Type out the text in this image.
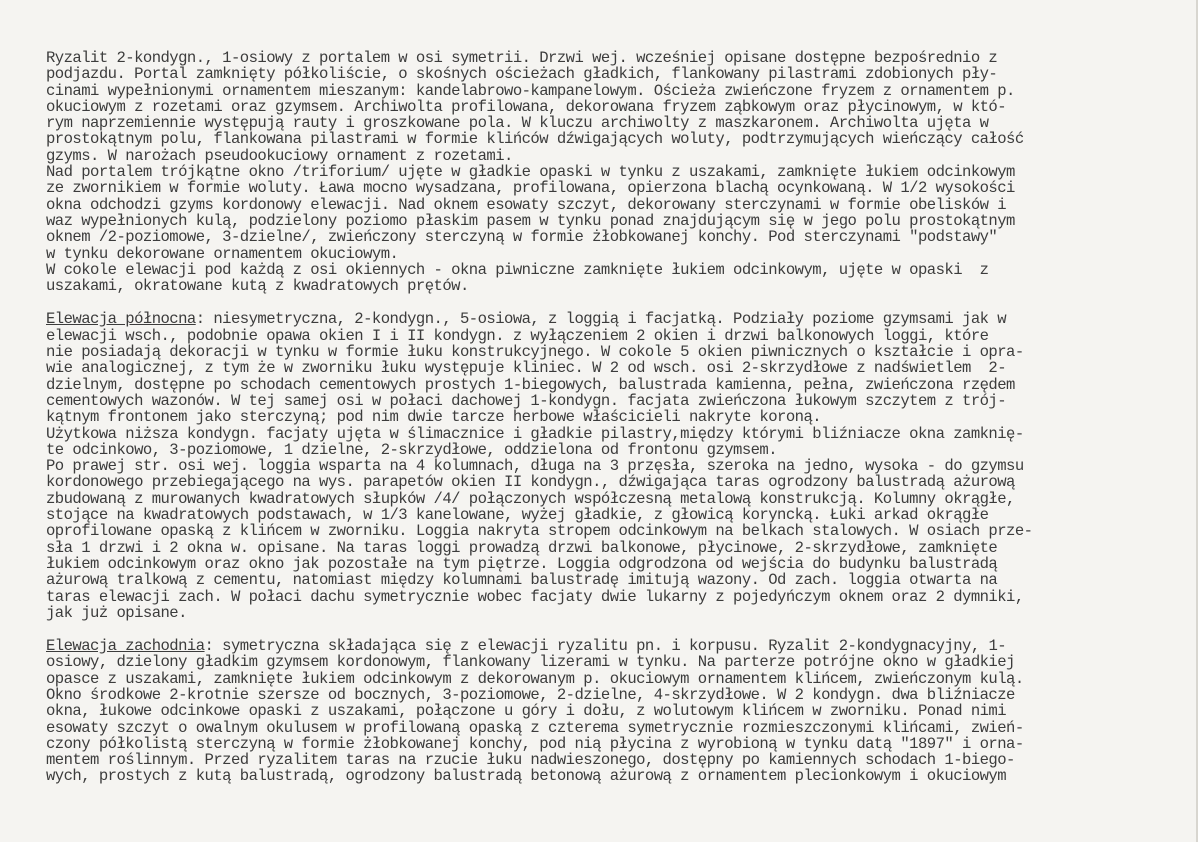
Ryzalit 2-kondygn., 1-osiowy z portalem w osi symetrii. Drzwi wej. wcześniej opisane dostępne bezpośrednio z
podjazdu. Portal zamknięty półkoliście, o skośnych ościeżach gładkich, flankowany pilastrami zdobionych pły-
cinami wypełnionymi ornamentem mieszanym: kandelabrowo-kampanelowym. Ościeża zwieńczone fryzem z ornamentem p.
okuciowym z rozetami oraz gzymsem. Archiwolta profilowana, dekorowana fryzem ząbkowym oraz płycinowym, w któ-
rym naprzemiennie występują rauty i groszkowane pola. W kluczu archiwolty z maszkaronem. Archiwolta ujęta w
prostokątnym polu, flankowana pilastrami w formie klińców dźwigających woluty, podtrzymujących wieńczący całość
gzyms. W narożach pseudookuciowy ornament z rozetami.
Nad portalem trójkątne okno /triforium/ ujęte w gładkie opaski w tynku z uszakami, zamknięte łukiem odcinkowym
ze zwornikiem w formie woluty. Ława mocno wysadzana, profilowana, opierzona blachą ocynkowaną. W 1/2 wysokości
okna odchodzi gzyms kordonowy elewacji. Nad oknem esowaty szczyt, dekorowany sterczynami w formie obelisków i
waz wypełnionych kulą, podzielony poziomo płaskim pasem w tynku ponad znajdującym się w jego polu prostokątnym
oknem /2-poziomowe, 3-dzielne/, zwieńczony sterczyną w formie żłobkowanej konchy. Pod sterczynami "podstawy"
w tynku dekorowane ornamentem okuciowym.
W cokole elewacji pod każdą z osi okiennych - okna piwniczne zamknięte łukiem odcinkowym, ujęte w opaski  z
uszakami, okratowane kutą z kwadratowych prętów.
Elewacja północna: niesymetryczna, 2-kondygn., 5-osiowa, z loggią i facjatką. Podziały poziome gzymsami jak w
elewacji wsch., podobnie opawa okien I i II kondygn. z wyłączeniem 2 okien i drzwi balkonowych loggi, które
nie posiadają dekoracji w tynku w formie łuku konstrukcyjnego. W cokole 5 okien piwnicznych o kształcie i opra-
wie analogicznej, z tym że w zworniku łuku występuje kliniec. W 2 od wsch. osi 2-skrzydłowe z nadświetlem  2-
dzielnym, dostępne po schodach cementowych prostych 1-biegowych, balustrada kamienna, pełna, zwieńczona rzędem
cementowych wazonów. W tej samej osi w połaci dachowej 1-kondygn. facjata zwieńczona łukowym szczytem z trój-
kątnym frontonem jako sterczyną; pod nim dwie tarcze herbowe właścicieli nakryte koroną.
Użytkowa niższa kondygn. facjaty ujęta w ślimacznice i gładkie pilastry,między którymi bliźniacze okna zamknię-
te odcinkowo, 3-poziomowe, 1 dzielne, 2-skrzydłowe, oddzielona od frontonu gzymsem.
Po prawej str. osi wej. loggia wsparta na 4 kolumnach, długa na 3 przęsła, szeroka na jedno, wysoka - do gzymsu
kordonowego przebiegającego na wys. parapetów okien II kondygn., dźwigająca taras ogrodzony balustradą ażurową
zbudowaną z murowanych kwadratowych słupków /4/ połączonych współczesną metalową konstrukcją. Kolumny okrągłe,
stojące na kwadratowych podstawach, w 1/3 kanelowane, wyżej gładkie, z głowicą koryncką. Łuki arkad okrągłe
oprofilowane opaską z klińcem w zworniku. Loggia nakryta stropem odcinkowym na belkach stalowych. W osiach prze-
sła 1 drzwi i 2 okna w. opisane. Na taras loggi prowadzą drzwi balkonowe, płycinowe, 2-skrzydłowe, zamknięte
łukiem odcinkowym oraz okno jak pozostałe na tym piętrze. Loggia odgrodzona od wejścia do budynku balustradą
ażurową tralkową z cementu, natomiast między kolumnami balustradę imitują wazony. Od zach. loggia otwarta na
taras elewacji zach. W połaci dachu symetrycznie wobec facjaty dwie lukarny z pojedyńczym oknem oraz 2 dymniki,
jak już opisane.
Elewacja zachodnia: symetryczna składająca się z elewacji ryzalitu pn. i korpusu. Ryzalit 2-kondygnacyjny, 1-
osiowy, dzielony gładkim gzymsem kordonowym, flankowany lizerami w tynku. Na parterze potrójne okno w gładkiej
opasce z uszakami, zamknięte łukiem odcinkowym z dekorowanym p. okuciowym ornamentem klińcem, zwieńczonym kulą.
Okno środkowe 2-krotnie szersze od bocznych, 3-poziomowe, 2-dzielne, 4-skrzydłowe. W 2 kondygn. dwa bliźniacze
okna, łukowe odcinkowe opaski z uszakami, połączone u góry i dołu, z wolutowym klińcem w zworniku. Ponad nimi
esowaty szczyt o owalnym okulusem w profilowaną opaską z czterema symetrycznie rozmieszczonymi klińcami, zwień-
czony półkolistą sterczyną w formie żłobkowanej konchy, pod nią płycina z wyrobioną w tynku datą "1897" i orna-
mentem roślinnym. Przed ryzalitem taras na rzucie łuku nadwieszonego, dostępny po kamiennych schodach 1-biego-
wych, prostych z kutą balustradą, ogrodzony balustradą betonową ażurową z ornamentem plecionkowym i okuciowym
